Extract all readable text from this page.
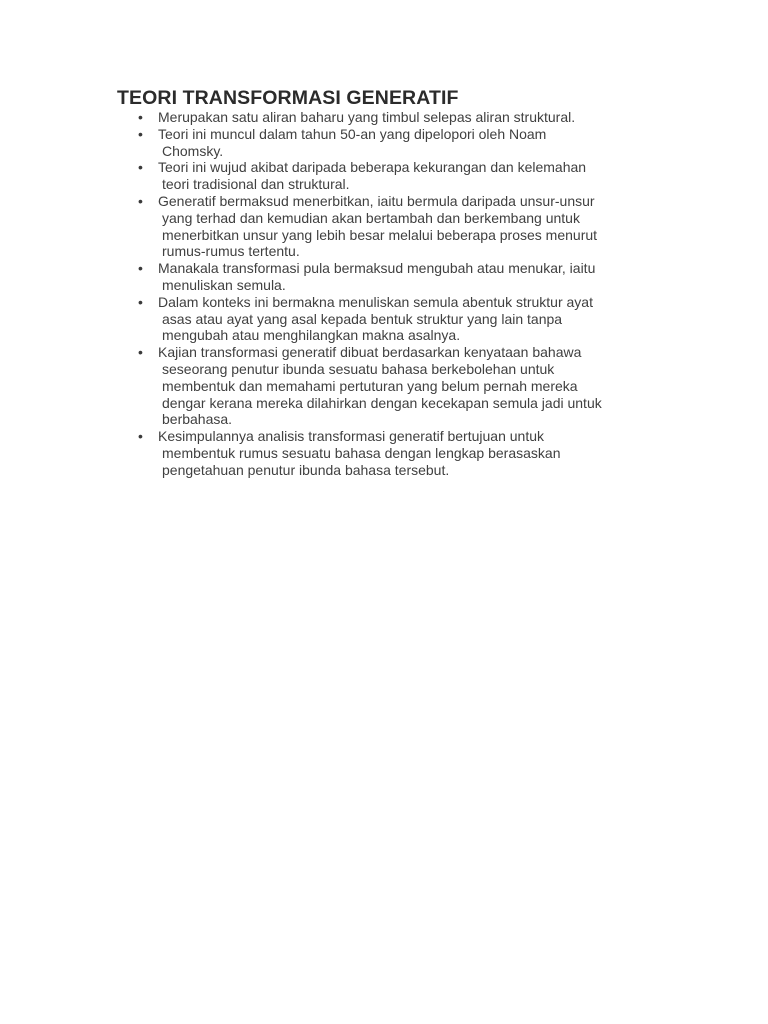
TEORI TRANSFORMASI GENERATIF
•	Merupakan satu aliran baharu yang timbul selepas aliran struktural.

•	Teori ini muncul dalam tahun 50-an yang dipelopori oleh Noam
Chomsky.

•	Teori ini wujud akibat daripada beberapa kekurangan dan kelemahan
teori tradisional dan struktural.

•	Generatif bermaksud menerbitkan, iaitu bermula daripada unsur-unsur
yang terhad dan kemudian akan bertambah dan berkembang untuk
menerbitkan unsur yang lebih besar melalui beberapa proses menurut
rumus-rumus tertentu.

•	Manakala transformasi pula bermaksud mengubah atau menukar, iaitu
menuliskan semula.

•	Dalam konteks ini bermakna menuliskan semula abentuk struktur ayat
asas atau ayat yang asal kepada bentuk struktur yang lain tanpa
mengubah atau menghilangkan makna asalnya.

•	Kajian transformasi generatif dibuat berdasarkan kenyataan bahawa
seseorang penutur ibunda sesuatu bahasa berkebolehan untuk
membentuk dan memahami pertuturan yang belum pernah mereka
dengar kerana mereka dilahirkan dengan kecekapan semula jadi untuk
berbahasa.

•	Kesimpulannya analisis transformasi generatif bertujuan untuk
membentuk rumus sesuatu bahasa dengan lengkap berasaskan
pengetahuan penutur ibunda bahasa tersebut.
